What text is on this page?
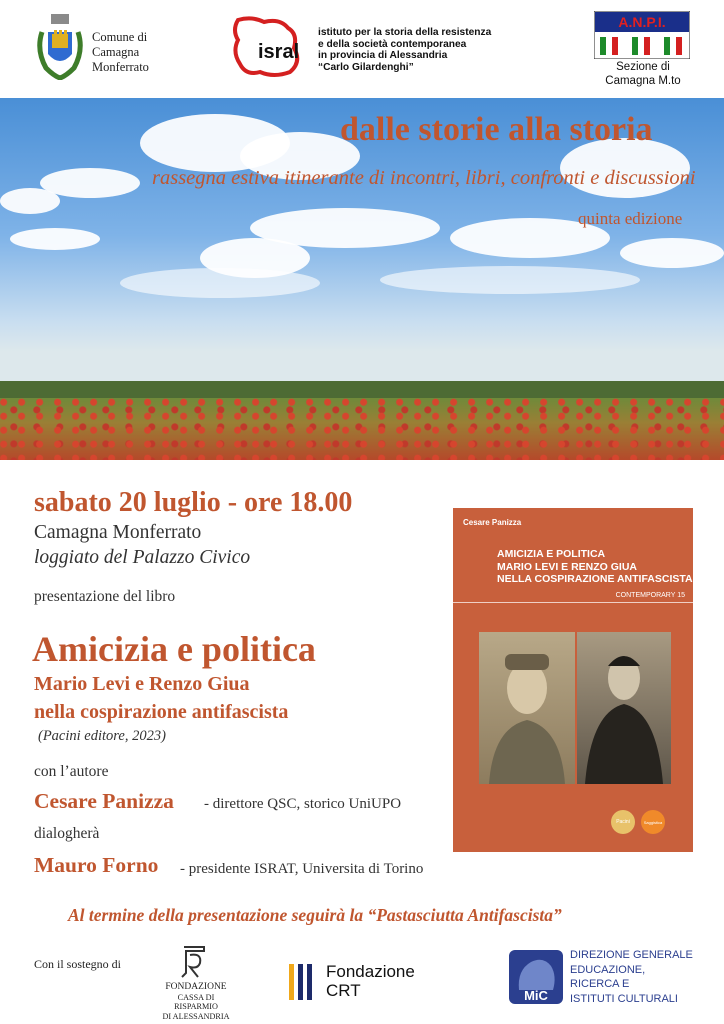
Comune di
Camagna
Monferrato
isral
istituto per la storia della resistenza
e della società contemporanea
in provincia di Alessandria
“Carlo Gilardenghi”
A.N.P.I.
Sezione di
Camagna M.to
dalle storie alla storia
rassegna estiva itinerante di incontri, libri, confronti e discussioni
quinta edizione
sabato 20 luglio - ore 18.00
Camagna Monferrato
loggiato del Palazzo Civico
presentazione del libro
Amicizia e politica
Mario Levi e Renzo Giua
nella cospirazione antifascista
(Pacini editore, 2023)
con l’autore
Cesare Panizza - direttore QSC, storico UniUPO
dialogherà
Mauro Forno - presidente ISRAT, Universita di Torino
Al termine della presentazione seguirà la “Pastasciutta Antifascista”
Cesare Panizza
AMICIZIA E POLITICA
MARIO LEVI E RENZO GIUA
NELLA COSPIRAZIONE ANTIFASCISTA
CONTEMPORARY 15
Pacini	Saggistica
Con il sostegno di
FONDAZIONE
CASSA DI RISPARMIO
DI ALESSANDRIA
Fondazione
CRT	MiC
DIREZIONE GENERALE
EDUCAZIONE,
RICERCA E
ISTITUTI CULTURALI
